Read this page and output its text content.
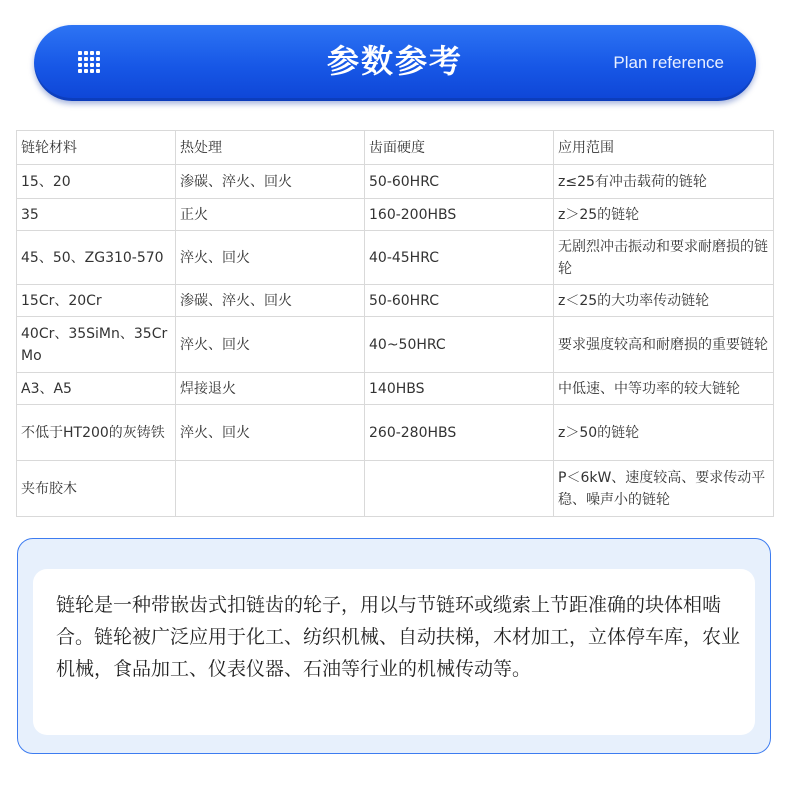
参数参考	Plan reference
链轮材料	热处理	齿面硬度	应用范围
15、20	渗碳、淬火、回火	50-60HRC	z≤25有冲击载荷的链轮
35	正火	160-200HBS	z＞25的链轮
45、50、ZG310-570	淬火、回火	40-45HRC	无剧烈冲击振动和要求耐磨损的链轮
15Cr、20Cr	渗碳、淬火、回火	50-60HRC	z＜25的大功率传动链轮
40Cr、35SiMn、35CrMo	淬火、回火	40~50HRC	要求强度较高和耐磨损的重要链轮
A3、A5	焊接退火	140HBS	中低速、中等功率的较大链轮
不低于HT200的灰铸铁	淬火、回火	260-280HBS	z＞50的链轮
夹布胶木			P＜6kW、速度较高、要求传动平稳、噪声小的链轮
链轮是一种带嵌齿式扣链齿的轮子，用以与节链环或缆索上节距准确的块体相啮合。链轮被广泛应用于化工、纺织机械、自动扶梯，木材加工，立体停车库，农业机械，食品加工、仪表仪器、石油等行业的机械传动等。
